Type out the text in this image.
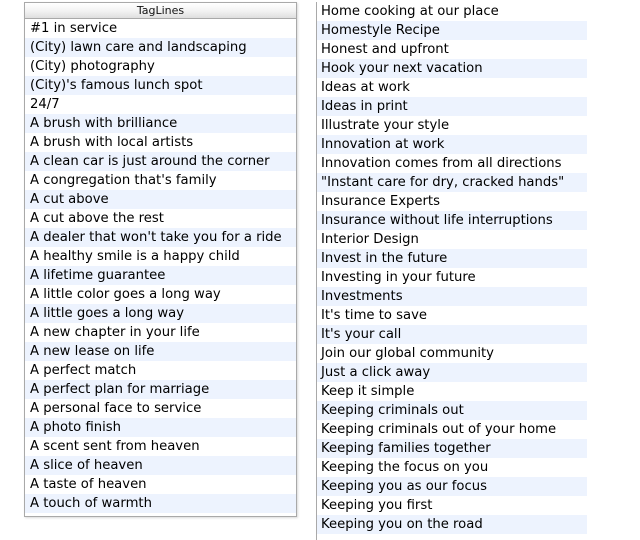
TagLines
#1 in service
(City) lawn care and landscaping
(City) photography
(City)'s famous lunch spot
24/7
A brush with brilliance
A brush with local artists
A clean car is just around the corner
A congregation that's family
A cut above
A cut above the rest
A dealer that won't take you for a ride
A healthy smile is a happy child
A lifetime guarantee
A little color goes a long way
A little goes a long way
A new chapter in your life
A new lease on life
A perfect match
A perfect plan for marriage
A personal face to service
A photo finish
A scent sent from heaven
A slice of heaven
A taste of heaven
A touch of warmth
Home cooking at our place
Homestyle Recipe
Honest and upfront
Hook your next vacation
Ideas at work
Ideas in print
Illustrate your style
Innovation at work
Innovation comes from all directions
"Instant care for dry, cracked hands"
Insurance Experts
Insurance without life interruptions
Interior Design
Invest in the future
Investing in your future
Investments
It's time to save
It's your call
Join our global community
Just a click away
Keep it simple
Keeping criminals out
Keeping criminals out of your home
Keeping families together
Keeping the focus on you
Keeping you as our focus
Keeping you first
Keeping you on the road
